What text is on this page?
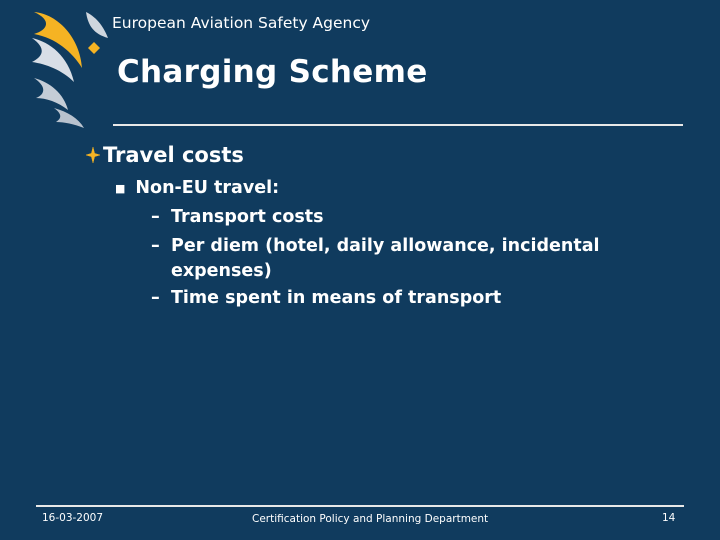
European Aviation Safety Agency
Charging Scheme
Travel costs
■ Non-EU travel:
– Transport costs
– Per diem (hotel, daily allowance, incidental expenses)
– Time spent in means of transport
16-03-2007	Certification Policy and Planning Department	14
